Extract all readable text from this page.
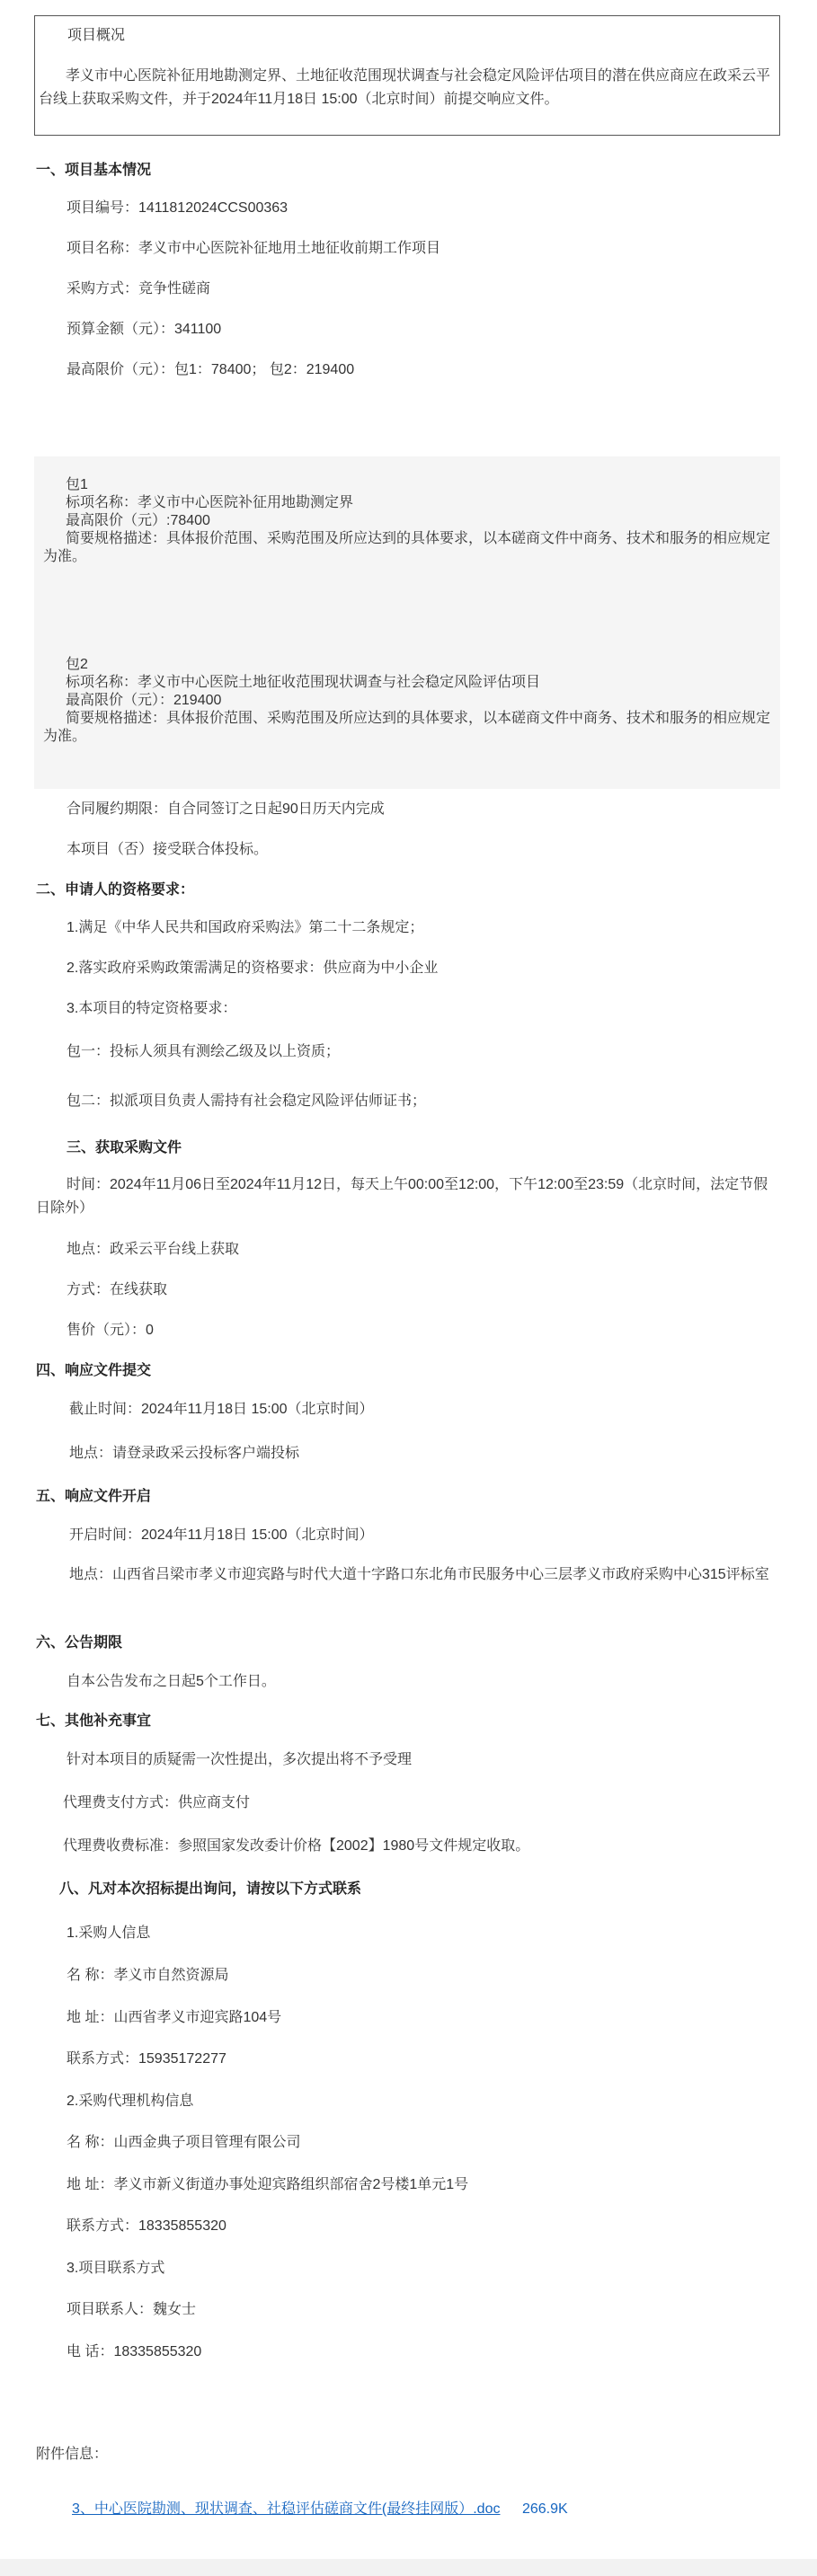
项目概况
孝义市中心医院补征用地勘测定界、土地征收范围现状调查与社会稳定风险评估项目的潜在供应商应在政采云平台线上获取采购文件，并于2024年11月18日 15:00（北京时间）前提交响应文件。
一、项目基本情况
项目编号：1411812024CCS00363
项目名称：孝义市中心医院补征地用土地征收前期工作项目
采购方式：竞争性磋商
预算金额（元）：341100
最高限价（元）：包1：78400； 包2：219400
包1
标项名称：孝义市中心医院补征用地勘测定界
最高限价（元）:78400
简要规格描述：具体报价范围、采购范围及所应达到的具体要求，以本磋商文件中商务、技术和服务的相应规定为准。
包2
标项名称：孝义市中心医院土地征收范围现状调查与社会稳定风险评估项目
最高限价（元）：219400
简要规格描述：具体报价范围、采购范围及所应达到的具体要求，以本磋商文件中商务、技术和服务的相应规定为准。
合同履约期限：自合同签订之日起90日历天内完成
本项目（否）接受联合体投标。
二、申请人的资格要求：
1.满足《中华人民共和国政府采购法》第二十二条规定；
2.落实政府采购政策需满足的资格要求：供应商为中小企业
3.本项目的特定资格要求：
包一：投标人须具有测绘乙级及以上资质；
包二：拟派项目负责人需持有社会稳定风险评估师证书；
三、获取采购文件
时间：2024年11月06日至2024年11月12日，每天上午00:00至12:00，下午12:00至23:59（北京时间，法定节假日除外）
地点：政采云平台线上获取
方式：在线获取
售价（元）：0
四、响应文件提交
截止时间：2024年11月18日 15:00（北京时间）
地点：请登录政采云投标客户端投标
五、响应文件开启
开启时间：2024年11月18日 15:00（北京时间）
地点：山西省吕梁市孝义市迎宾路与时代大道十字路口东北角市民服务中心三层孝义市政府采购中心315评标室
六、公告期限
自本公告发布之日起5个工作日。
七、其他补充事宜
针对本项目的质疑需一次性提出，多次提出将不予受理
代理费支付方式：供应商支付
代理费收费标准：参照国家发改委计价格【2002】1980号文件规定收取。
八、凡对本次招标提出询问，请按以下方式联系
1.采购人信息
名 称：孝义市自然资源局
地 址：山西省孝义市迎宾路104号
联系方式：15935172277
2.采购代理机构信息
名 称：山西金典子项目管理有限公司
地 址：孝义市新义街道办事处迎宾路组织部宿舍2号楼1单元1号
联系方式：18335855320
3.项目联系方式
项目联系人：魏女士
电 话：18335855320
附件信息：
3、中心医院勘测、现状调查、社稳评估磋商文件(最终挂网版）.doc 266.9K
